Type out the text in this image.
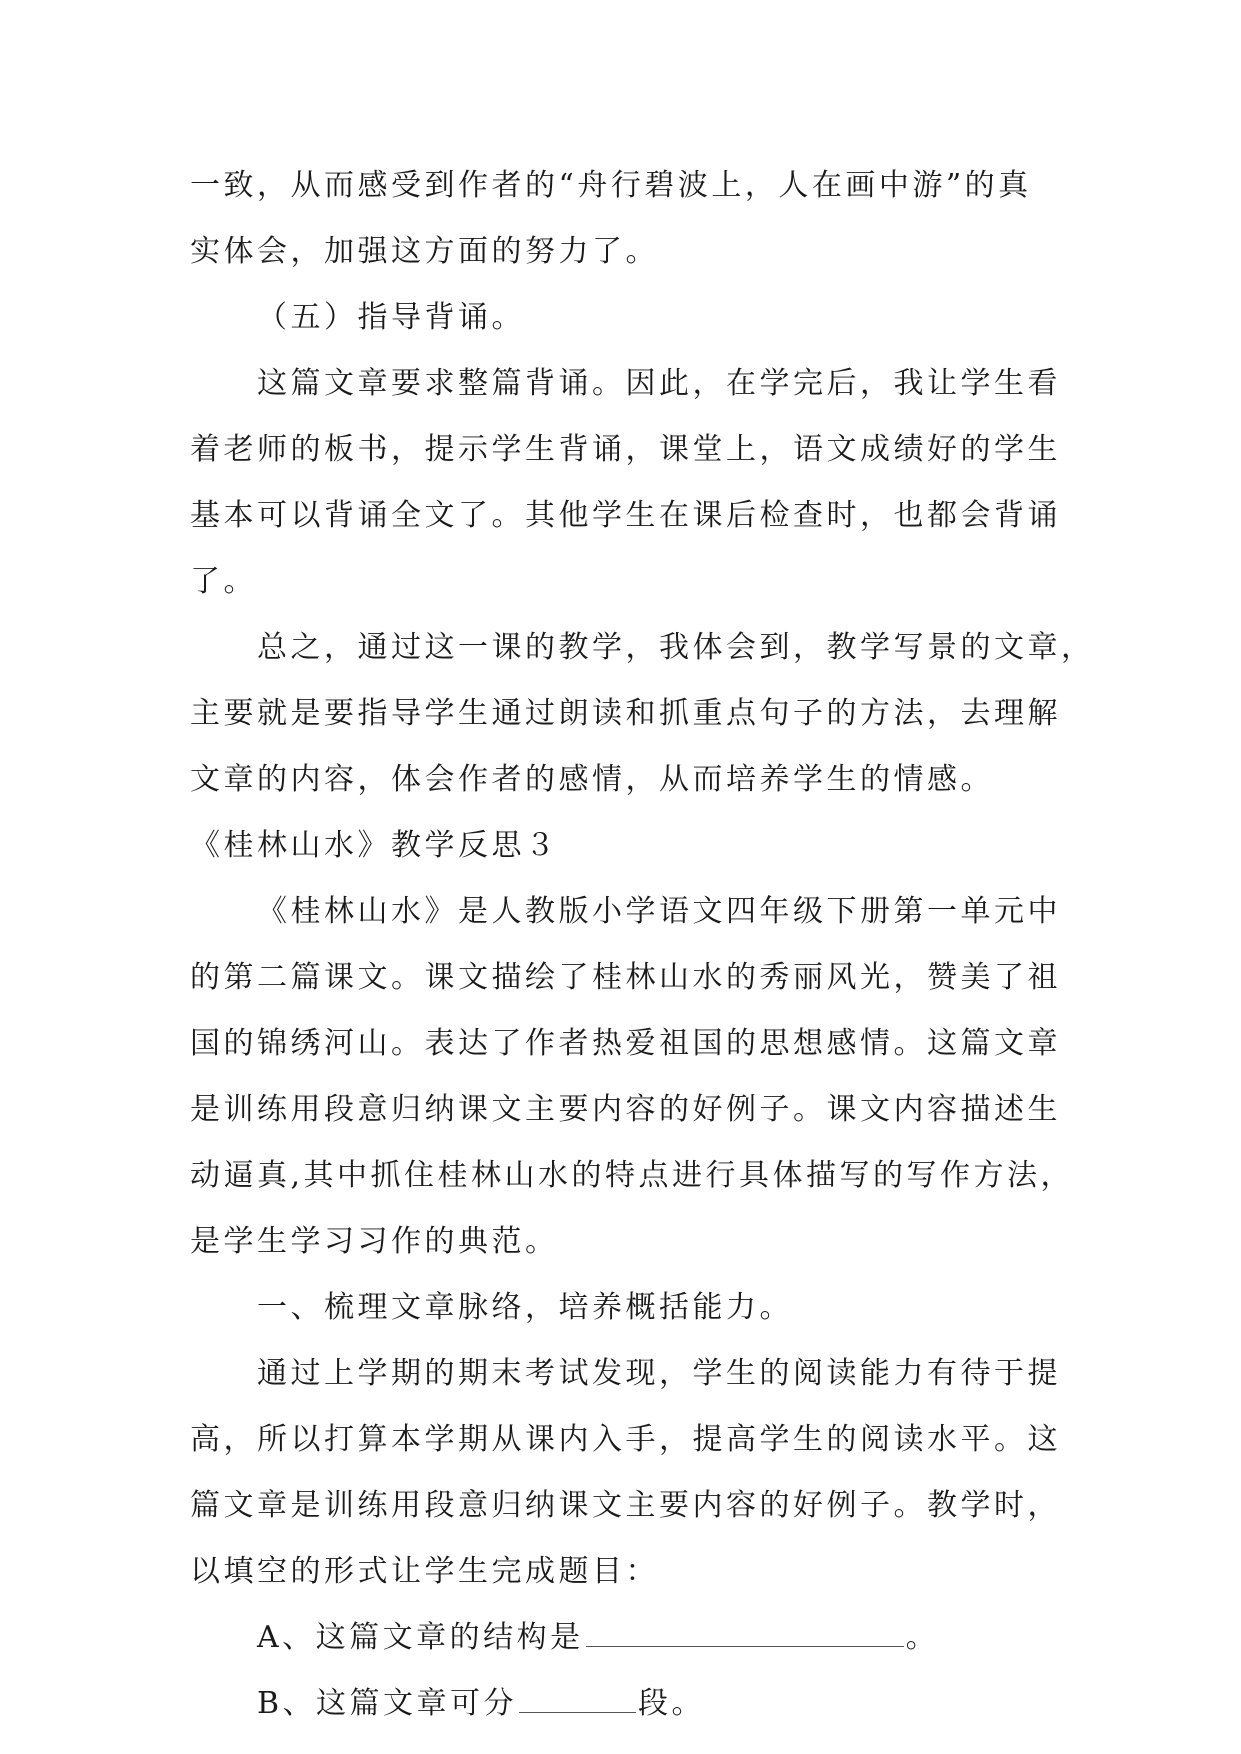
一致，从而感受到作者的“舟行碧波上，人在画中游”的真
实体会，加强这方面的努力了。
（五）指导背诵。
这篇文章要求整篇背诵。因此，在学完后，我让学生看
着老师的板书，提示学生背诵，课堂上，语文成绩好的学生
基本可以背诵全文了。其他学生在课后检查时，也都会背诵
了。
总之，通过这一课的教学，我体会到，教学写景的文章，
主要就是要指导学生通过朗读和抓重点句子的方法，去理解
文章的内容，体会作者的感情，从而培养学生的情感。
《桂林山水》教学反思３
《桂林山水》是人教版小学语文四年级下册第一单元中
的第二篇课文。课文描绘了桂林山水的秀丽风光，赞美了祖
国的锦绣河山。表达了作者热爱祖国的思想感情。这篇文章
是训练用段意归纳课文主要内容的好例子。课文内容描述生
动逼真,其中抓住桂林山水的特点进行具体描写的写作方法，
是学生学习习作的典范。
一、梳理文章脉络，培养概括能力。
通过上学期的期末考试发现，学生的阅读能力有待于提
高，所以打算本学期从课内入手，提高学生的阅读水平。这
篇文章是训练用段意归纳课文主要内容的好例子。教学时，
以填空的形式让学生完成题目：
A、这篇文章的结构是	。
B、这篇文章可分	段。
